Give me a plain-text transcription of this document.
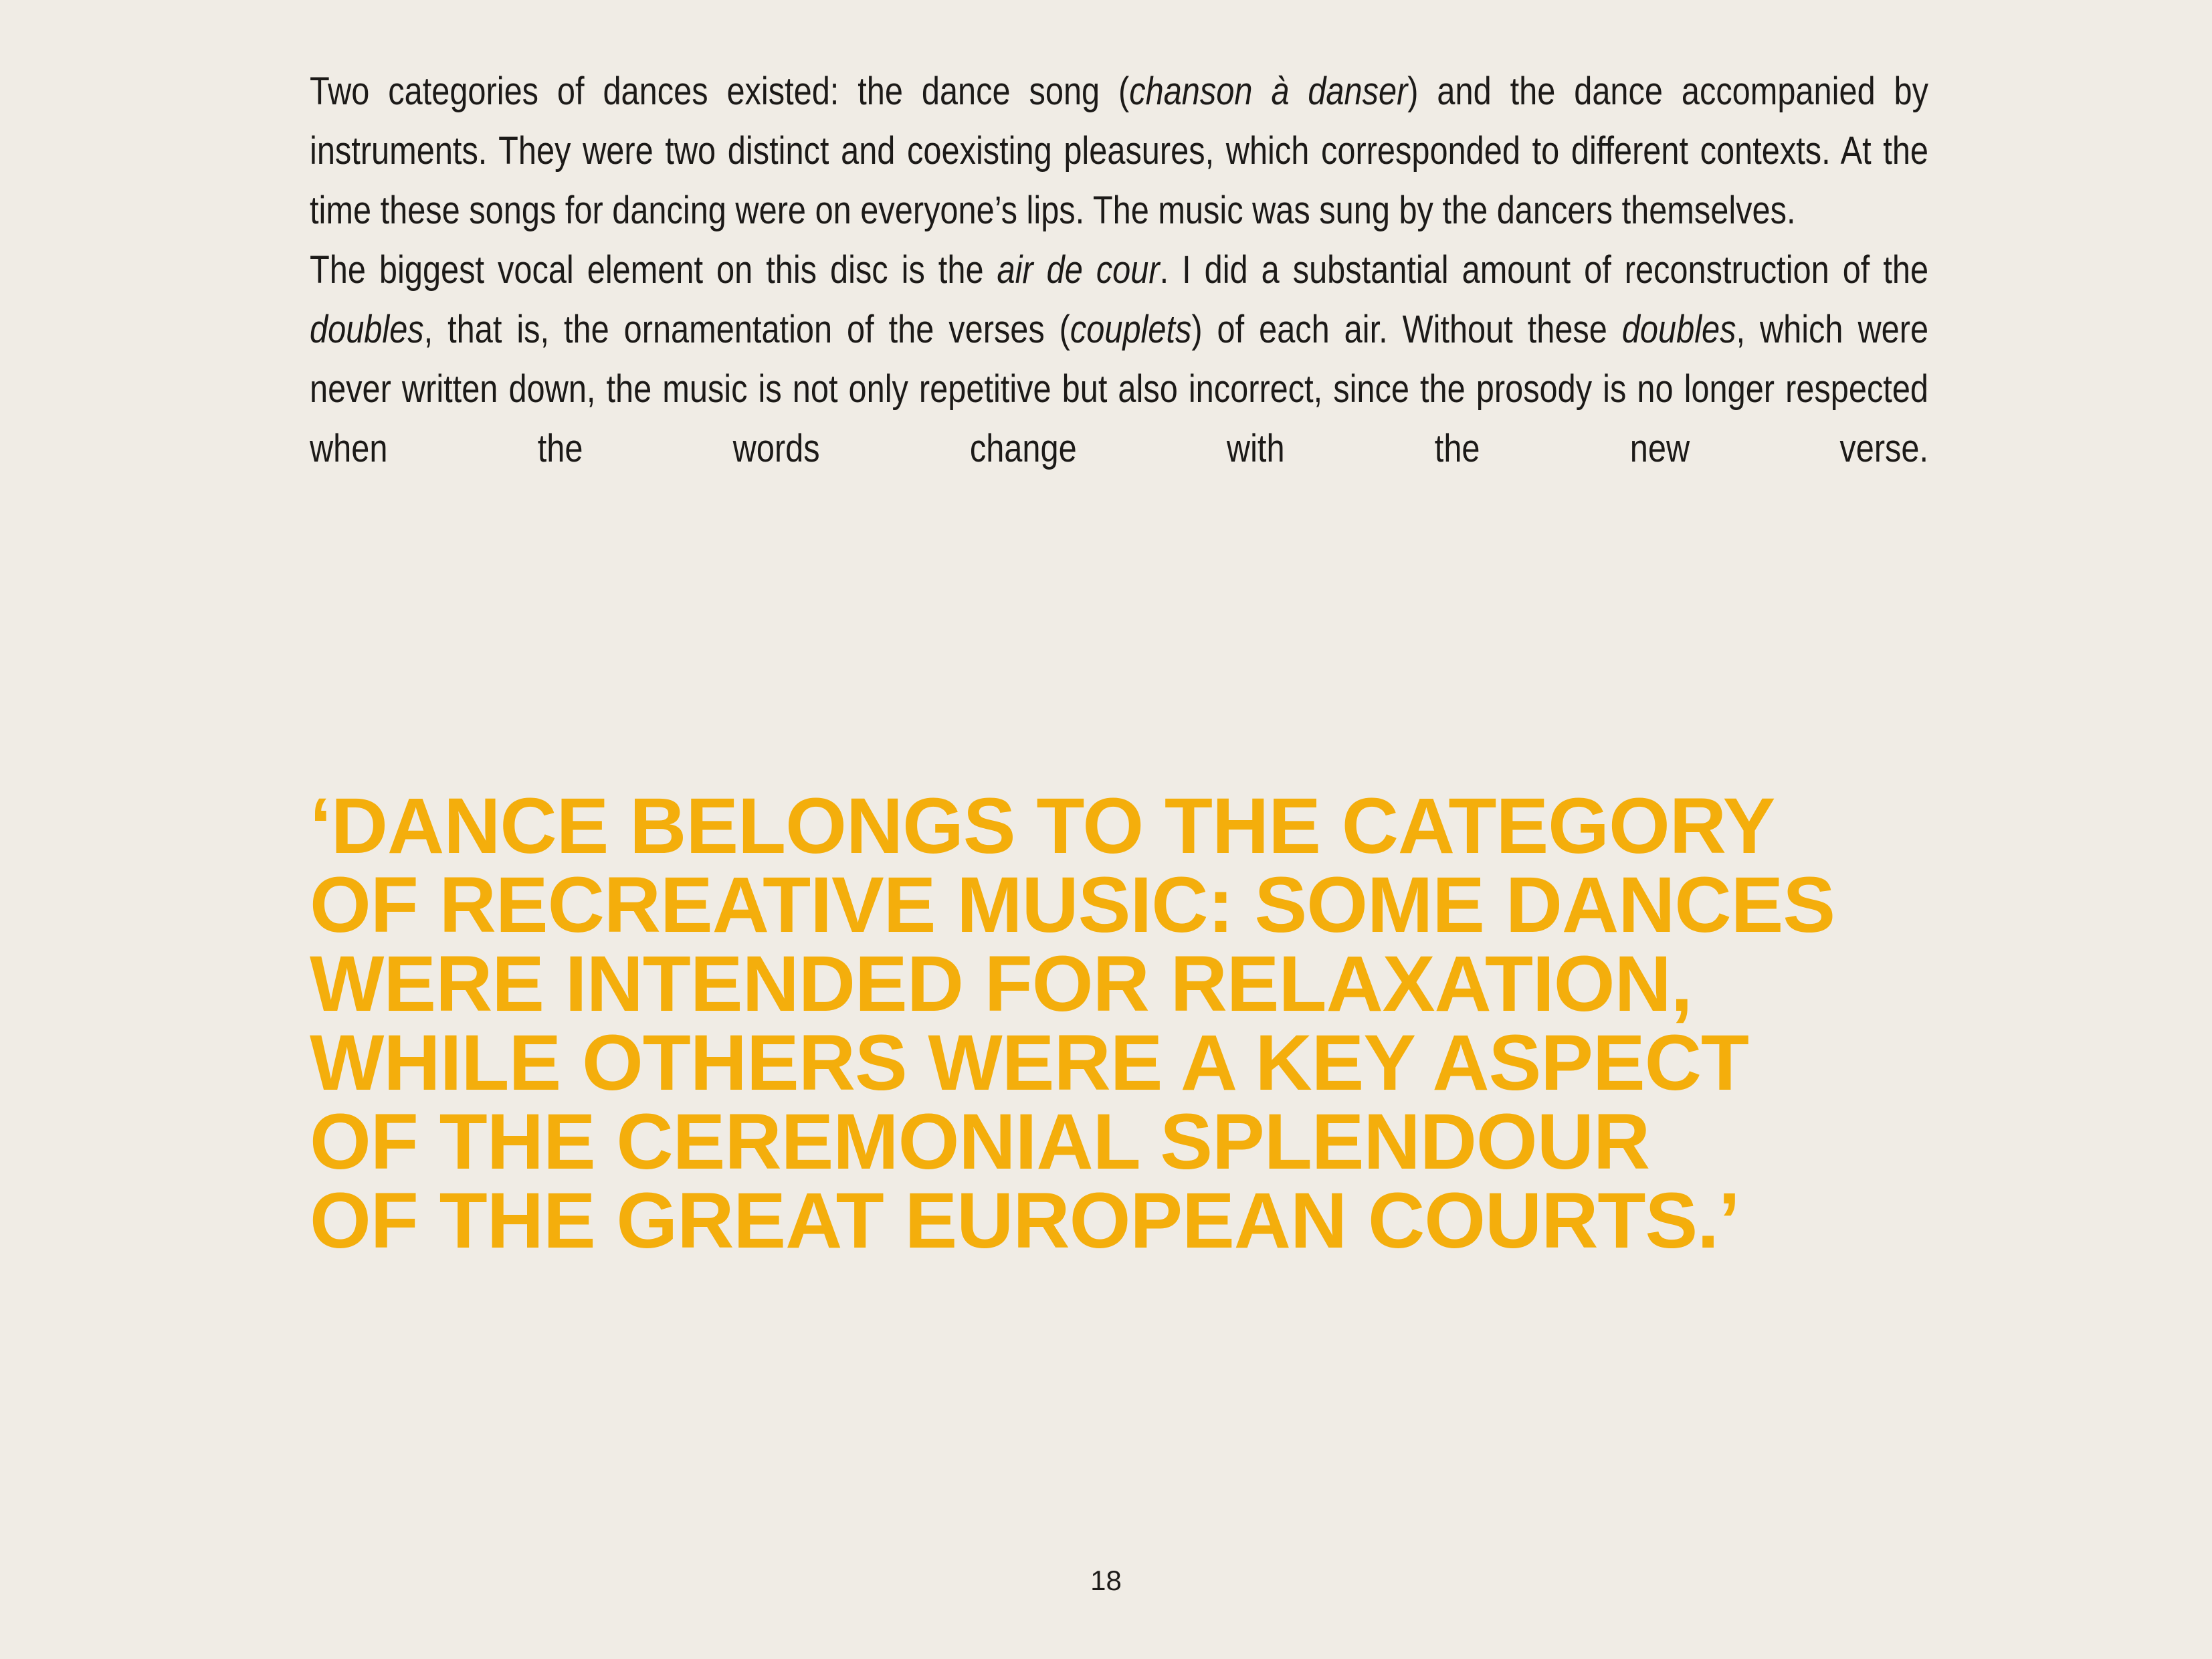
Two categories of dances existed: the dance song (chanson à danser) and the dance accompanied by instruments. They were two distinct and coexisting pleasures, which corresponded to different contexts. At the time these songs for dancing were on everyone’s lips. The music was sung by the dancers themselves.

The biggest vocal element on this disc is the air de cour. I did a substantial amount of reconstruction of the doubles, that is, the ornamentation of the verses (couplets) of each air. Without these doubles, which were never written down, the music is not only repetitive but also incorrect, since the prosody is no longer respected when the words change with the new verse.

‘DANCE BELONGS TO THE CATEGORY
OF RECREATIVE MUSIC: SOME DANCES
WERE INTENDED FOR RELAXATION,
WHILE OTHERS WERE A KEY ASPECT
OF THE CEREMONIAL SPLENDOUR
OF THE GREAT EUROPEAN COURTS.’

18
